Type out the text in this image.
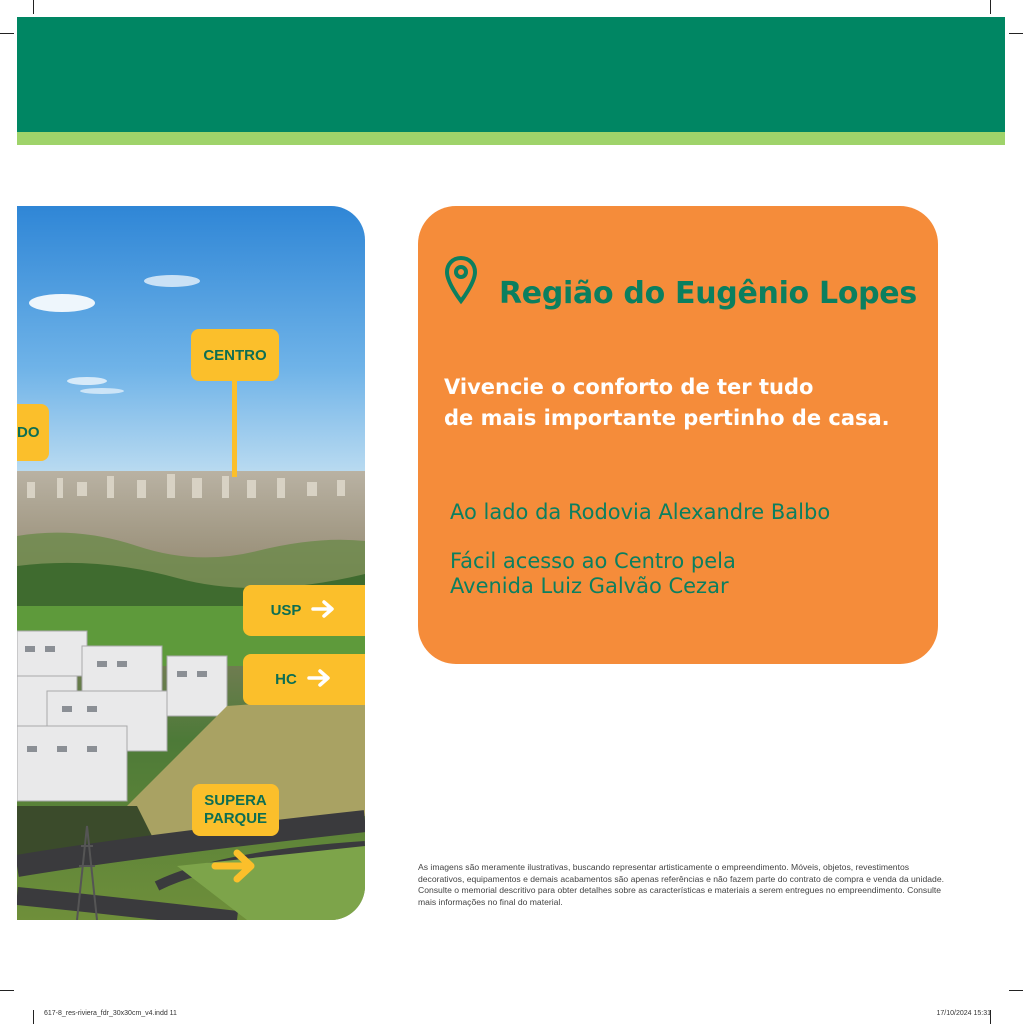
CENTRO
DO
USP
HC
SUPERA
PARQUE
Região do Eugênio Lopes

Vivencie o conforto de ter tudo
de mais importante pertinho de casa.

Ao lado da Rodovia Alexandre Balbo

Fácil acesso ao Centro pela
Avenida Luiz Galvão Cezar

As imagens são meramente ilustrativas, buscando representar artisticamente o empreendimento. Móveis, objetos, revestimentos decorativos, equipamentos e demais acabamentos são apenas referências e não fazem parte do contrato de compra e venda da unidade. Consulte o memorial descritivo para obter detalhes sobre as características e materiais a serem entregues no empreendimento. Consulte mais informações no final do material.

617-8_res-riviera_fdr_30x30cm_v4.indd 11	17/10/2024 15:31
